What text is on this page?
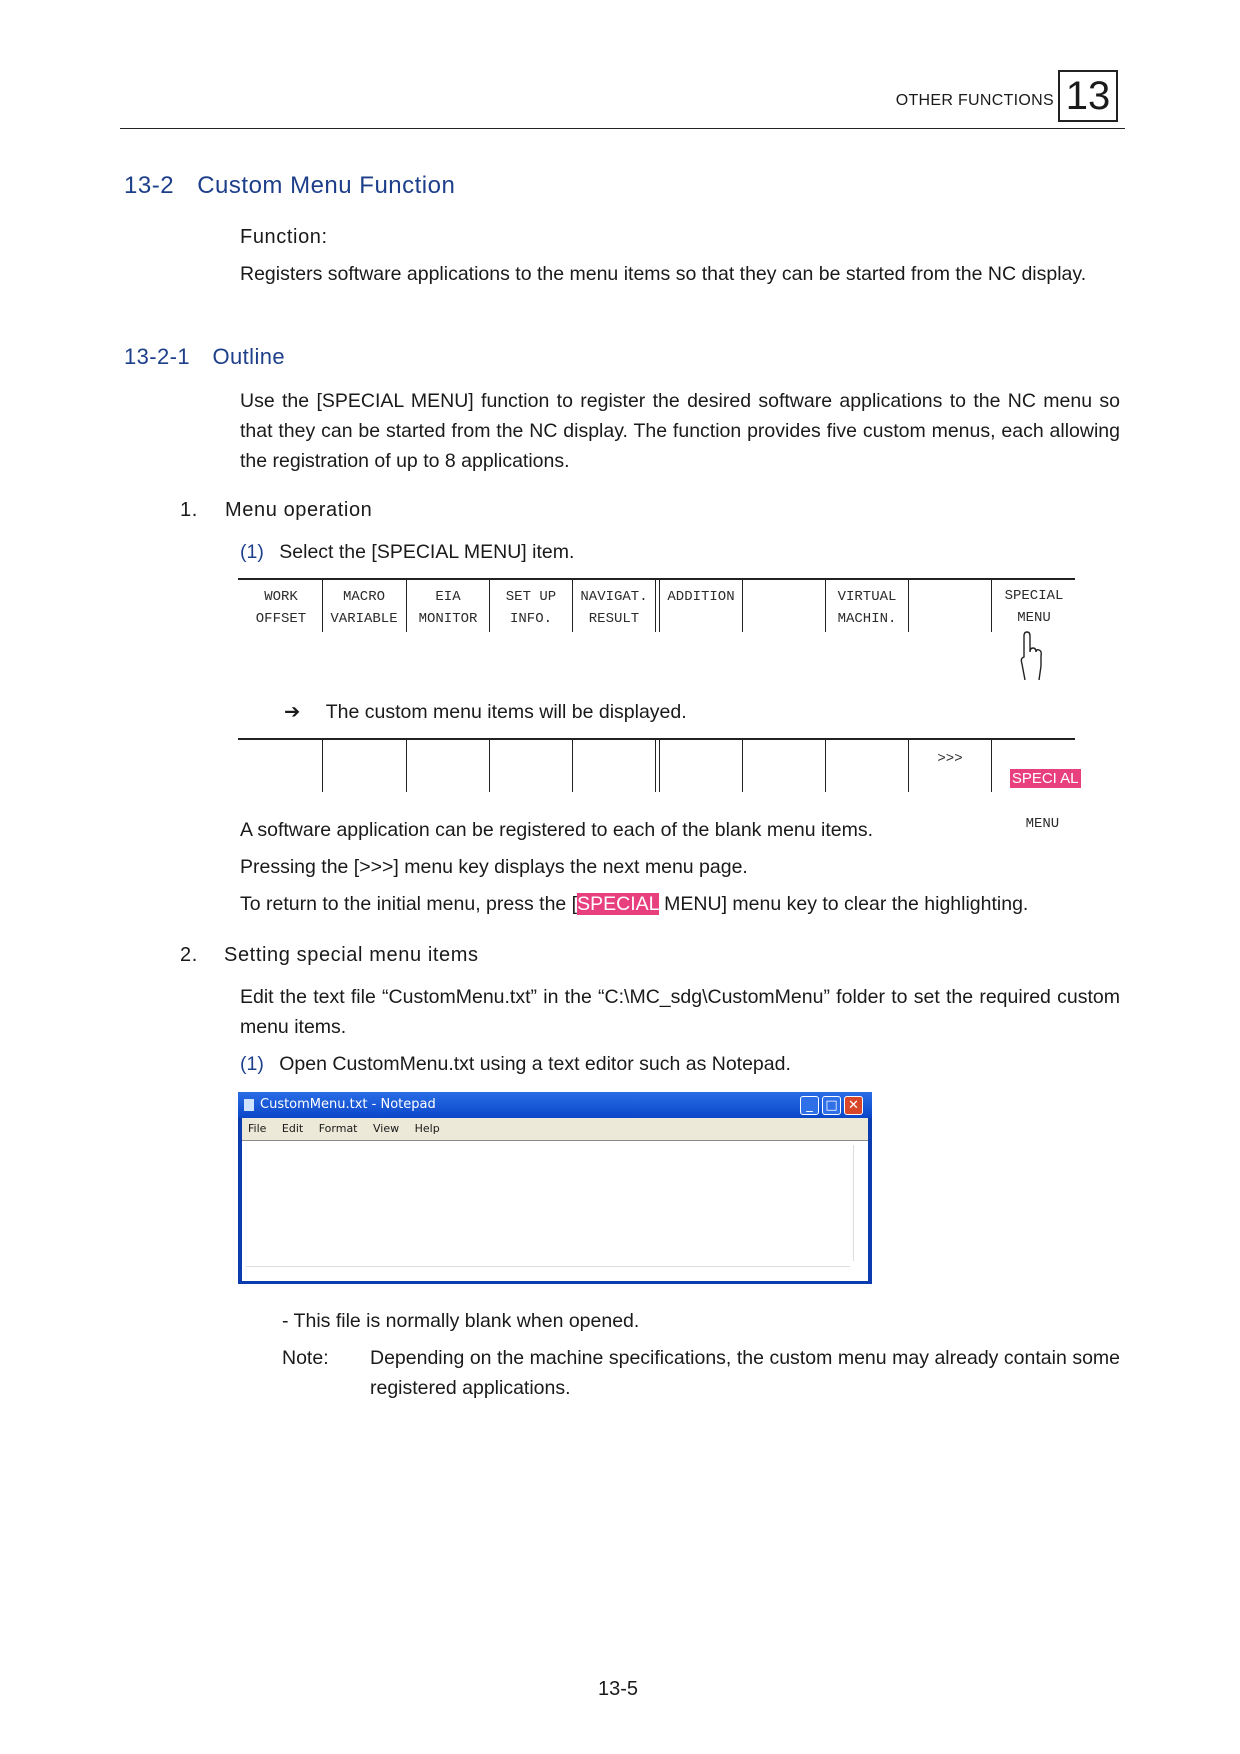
OTHER FUNCTIONS 13
13-2 Custom Menu Function
Function:
Registers software applications to the menu items so that they can be started from the NC display.
13-2-1 Outline
Use the [SPECIAL MENU] function to register the desired software applications to the NC menu so that they can be started from the NC display. The function provides five custom menus, each allowing the registration of up to 8 applications.
1. Menu operation
(1) Select the [SPECIAL MENU] item.
WORK
OFFSET
MACRO
VARIABLE
EIA
MONITOR
SET UP
INFO.
NAVIGAT.
RESULT
ADDITION	VIRTUAL
MACHIN.
SPECIAL
MENU
➔ The custom menu items will be displayed.
>>>

SPECI AL

MENU

A software application can be registered to each of the blank menu items.
Pressing the [>>>] menu key displays the next menu page.
To return to the initial menu, press the [SPECIAL MENU] menu key to clear the highlighting.
2. Setting special menu items
Edit the text file “CustomMenu.txt” in the “C:\MC_sdg\CustomMenu” folder to set the required custom menu items.
(1) Open CustomMenu.txt using a text editor such as Notepad.
CustomMenu.txt - Notepad	_ □ ✕
File Edit Format View Help
- This file is normally blank when opened.
Note: Depending on the machine specifications, the custom menu may already contain some registered applications.
13-5
